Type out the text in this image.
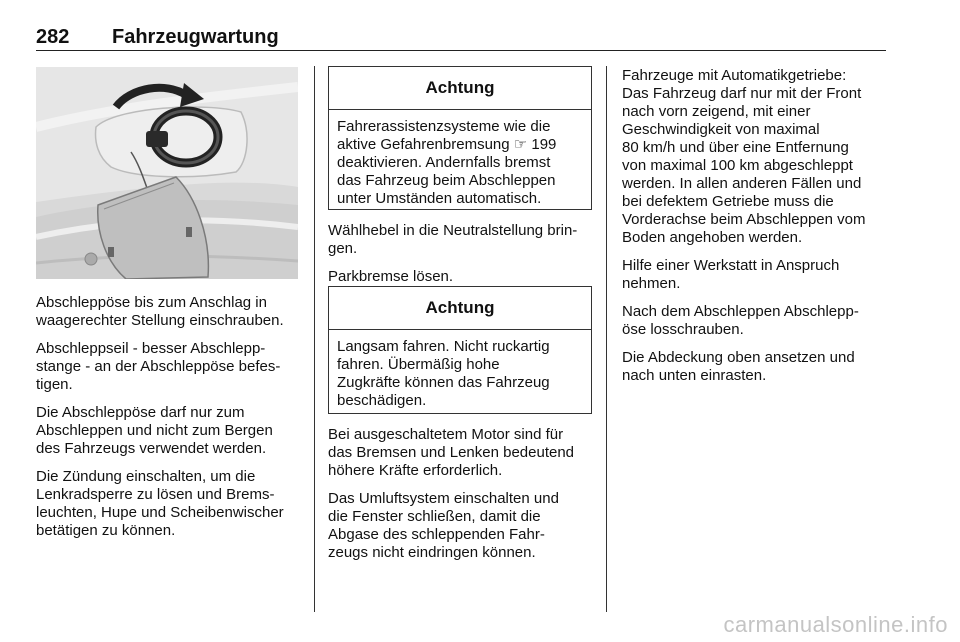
282 Fahrzeugwartung

Abschleppöse bis zum Anschlag in
waagerechter Stellung einschrauben.

Abschleppseil - besser Abschlepp-
stange - an der Abschleppöse befes-
tigen.

Die Abschleppöse darf nur zum
Abschleppen und nicht zum Bergen
des Fahrzeugs verwendet werden.

Die Zündung einschalten, um die
Lenkradsperre zu lösen und Brems-
leuchten, Hupe und Scheibenwischer
betätigen zu können.

Achtung
Fahrerassistenzsysteme wie die
aktive Gefahrenbremsung ☞ 199
deaktivieren. Andernfalls bremst
das Fahrzeug beim Abschleppen
unter Umständen automatisch.

Wählhebel in die Neutralstellung brin-
gen.

Parkbremse lösen.

Achtung
Langsam fahren. Nicht ruckartig
fahren. Übermäßig hohe
Zugkräfte können das Fahrzeug
beschädigen.

Bei ausgeschaltetem Motor sind für
das Bremsen und Lenken bedeutend
höhere Kräfte erforderlich.

Das Umluftsystem einschalten und
die Fenster schließen, damit die
Abgase des schleppenden Fahr-
zeugs nicht eindringen können.

Fahrzeuge mit Automatikgetriebe:
Das Fahrzeug darf nur mit der Front
nach vorn zeigend, mit einer
Geschwindigkeit von maximal
80 km/h und über eine Entfernung
von maximal 100 km abgeschleppt
werden. In allen anderen Fällen und
bei defektem Getriebe muss die
Vorderachse beim Abschleppen vom
Boden angehoben werden.

Hilfe einer Werkstatt in Anspruch
nehmen.

Nach dem Abschleppen Abschlepp-
öse losschrauben.

Die Abdeckung oben ansetzen und
nach unten einrasten.

carmanualsonline.info
